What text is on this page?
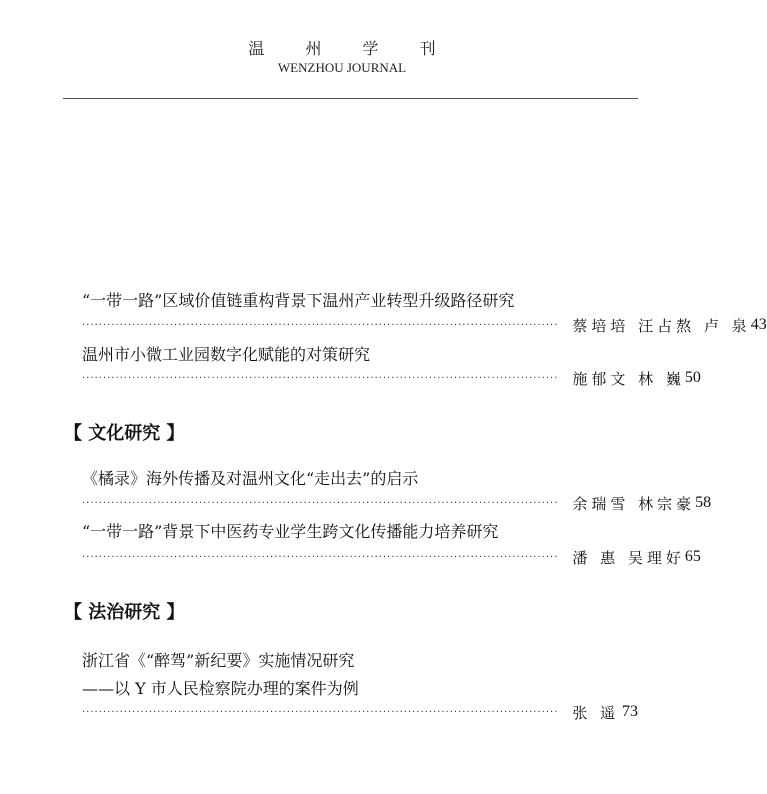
温 州 学 刊
WENZHOU JOURNAL
“一带一路”区域价值链重构背景下温州产业转型升级路径研究
·················································································································· 蔡培培 汪占熬 卢 泉 43
温州市小微工业园数字化赋能的对策研究
·················································································································· 施郁文 林 巍 50
【 文化研究 】
《橘录》海外传播及对温州文化“走出去”的启示
·················································································································· 余瑞雪 林宗豪 58
“一带一路”背景下中医药专业学生跨文化传播能力培养研究
·················································································································· 潘 惠 吴理好 65
【 法治研究 】
浙江省《“醉驾”新纪要》实施情况研究
——以 Y 市人民检察院办理的案件为例
·················································································································· 张 遥 73
